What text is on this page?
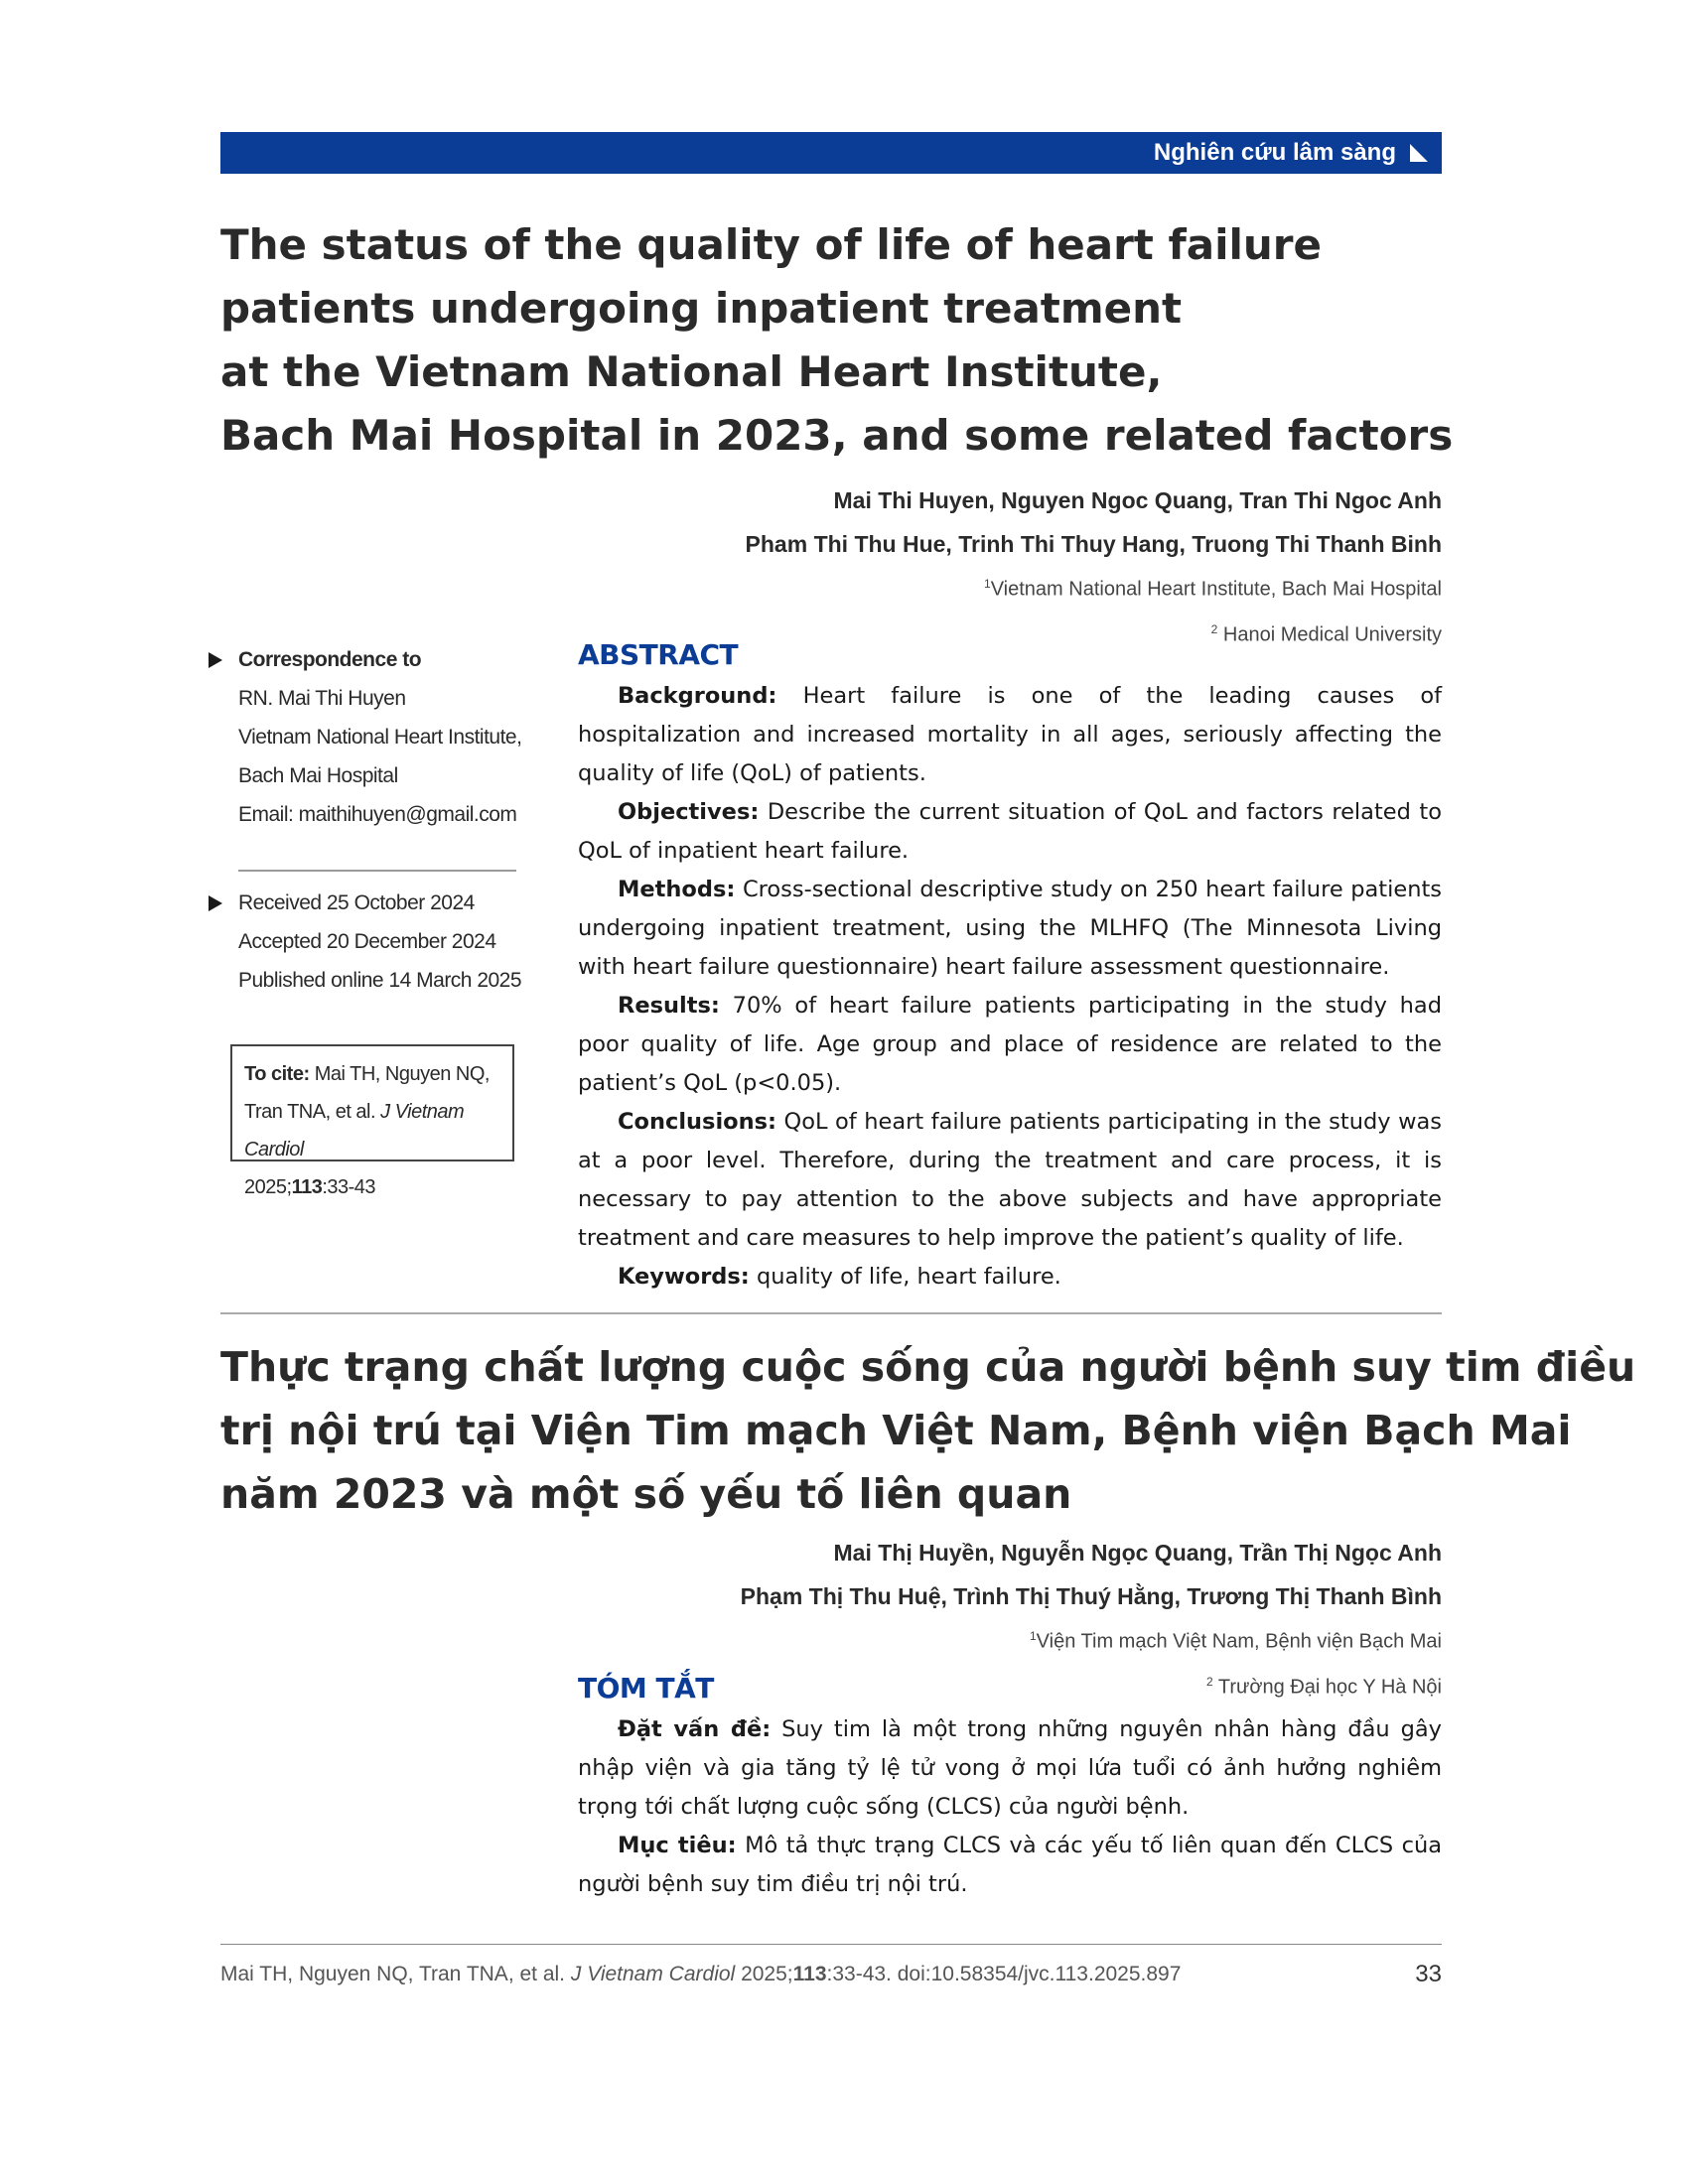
Nghiên cứu lâm sàng
The status of the quality of life of heart failure
patients undergoing inpatient treatment
at the Vietnam National Heart Institute,
Bach Mai Hospital in 2023, and some related factors
Mai Thi Huyen, Nguyen Ngoc Quang, Tran Thi Ngoc Anh
Pham Thi Thu Hue, Trinh Thi Thuy Hang, Truong Thi Thanh Binh
$^1$Vietnam National Heart Institute, Bach Mai Hospital
$^2$ Hanoi Medical University
Correspondence to
RN. Mai Thi Huyen
Vietnam National Heart Institute,
Bach Mai Hospital
Email: maithihuyen@gmail.com
Received 25 October 2024
Accepted 20 December 2024
Published online 14 March 2025
To cite: Mai TH, Nguyen NQ,
Tran TNA, et al. J Vietnam Cardiol
2025;113:33-43
ABSTRACT

Background: Heart failure is one of the leading causes of hospitalization and increased mortality in all ages, seriously affecting the quality of life (QoL) of patients.

Objectives: Describe the current situation of QoL and factors related to QoL of inpatient heart failure.

Methods: Cross-sectional descriptive study on 250 heart failure patients undergoing inpatient treatment, using the MLHFQ (The Minnesota Living with heart failure questionnaire) heart failure assessment questionnaire.

Results: 70% of heart failure patients participating in the study had poor quality of life. Age group and place of residence are related to the patient’s QoL (p<0.05).

Conclusions: QoL of heart failure patients participating in the study was at a poor level. Therefore, during the treatment and care process, it is necessary to pay attention to the above subjects and have appropriate treatment and care measures to help improve the patient’s quality of life.

Keywords: quality of life, heart failure.

Thực trạng chất lượng cuộc sống của người bệnh suy tim điều
trị nội trú tại Viện Tim mạch Việt Nam, Bệnh viện Bạch Mai
năm 2023 và một số yếu tố liên quan
Mai Thị Huyền, Nguyễn Ngọc Quang, Trần Thị Ngọc Anh
Phạm Thị Thu Huệ, Trình Thị Thuý Hằng, Trương Thị Thanh Bình
$^1$Viện Tim mạch Việt Nam, Bệnh viện Bạch Mai
$^2$ Trường Đại học Y Hà Nội
TÓM TẮT

Đặt vấn đề: Suy tim là một trong những nguyên nhân hàng đầu gây nhập viện và gia tăng tỷ lệ tử vong ở mọi lứa tuổi có ảnh hưởng nghiêm trọng tới chất lượng cuộc sống (CLCS) của người bệnh.

Mục tiêu: Mô tả thực trạng CLCS và các yếu tố liên quan đến CLCS của người bệnh suy tim điều trị nội trú.

Mai TH, Nguyen NQ, Tran TNA, et al. J Vietnam Cardiol 2025;113:33-43. doi:10.58354/jvc.113.2025.897	33
